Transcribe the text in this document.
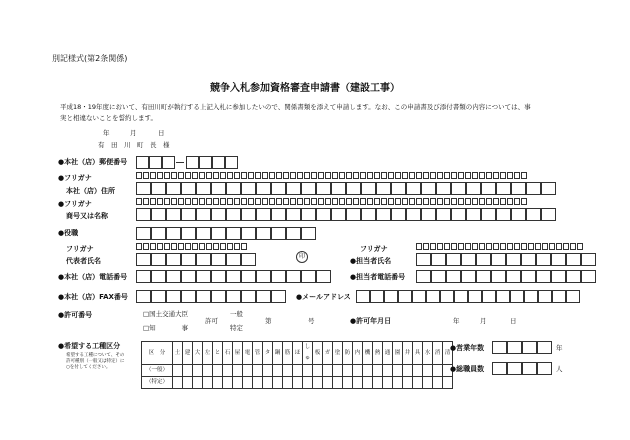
別記様式(第2条関係)
競争入札参加資格審査申請書（建設工事）
平成18・19年度において、有田川町が執行する上記入札に参加したいので、関係書類を添えて申請します。なお、この申請書及び添付書類の内容については、事
実と相違ないことを誓約します。
年	月	日
有　田　川　町　長　様
●本社（店）郵便番号
●フリガナ
本社（店）住所
●フリガナ
商号又は名称
●役職
フリガナ
代表者氏名
印
フリガナ
●担当者氏名
●本社（店）電話番号	●担当者電話番号
●本社（店）FAX番号	●メールアドレス
●許可番号	□国土交通大臣
□知　　　　事
一般
許可
特定
第	号	●許可年月日	年	月	日
●希望する工種区分
希望する工種について、その
許可種別（一般又は特定）に
○を付してください。
区　分	土	建	大	左	と	石	屋	電	管	タ	鋼	筋	ほ	しゅ	板	ガ	塗	防	内	機	熱	通	園	井	具	水	消	清
（一般）																												
（特定）																												
●営業年数	年
●総職員数	人
